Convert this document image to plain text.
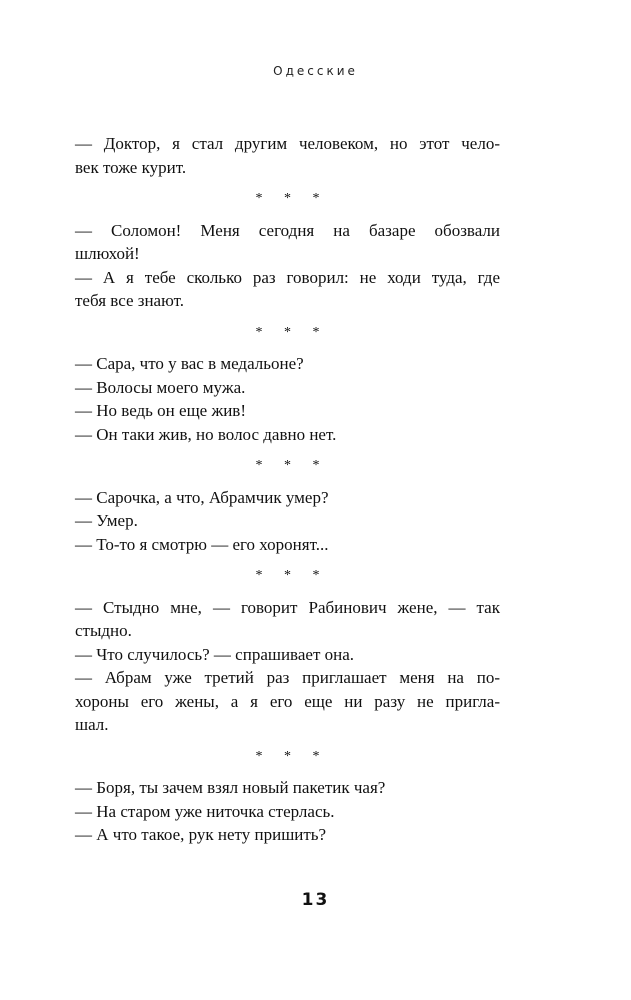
Одесские
— Доктор, я стал другим человеком, но этот чело-
век тоже курит.
* * *
— Соломон! Меня сегодня на базаре обозвали
шлюхой!
— А я тебе сколько раз говорил: не ходи туда, где
тебя все знают.
* * *
— Сара, что у вас в медальоне?
— Волосы моего мужа.
— Но ведь он еще жив!
— Он таки жив, но волос давно нет.
* * *
— Сарочка, а что, Абрамчик умер?
— Умер.
— То-то я смотрю — его хоронят...
* * *
— Стыдно мне, — говорит Рабинович жене, — так
стыдно.
— Что случилось? — спрашивает она.
— Абрам уже третий раз приглашает меня на по-
хороны его жены, а я его еще ни разу не пригла-
шал.
* * *
— Боря, ты зачем взял новый пакетик чая?
— На старом уже ниточка стерлась.
— А что такое, рук нету пришить?
13
